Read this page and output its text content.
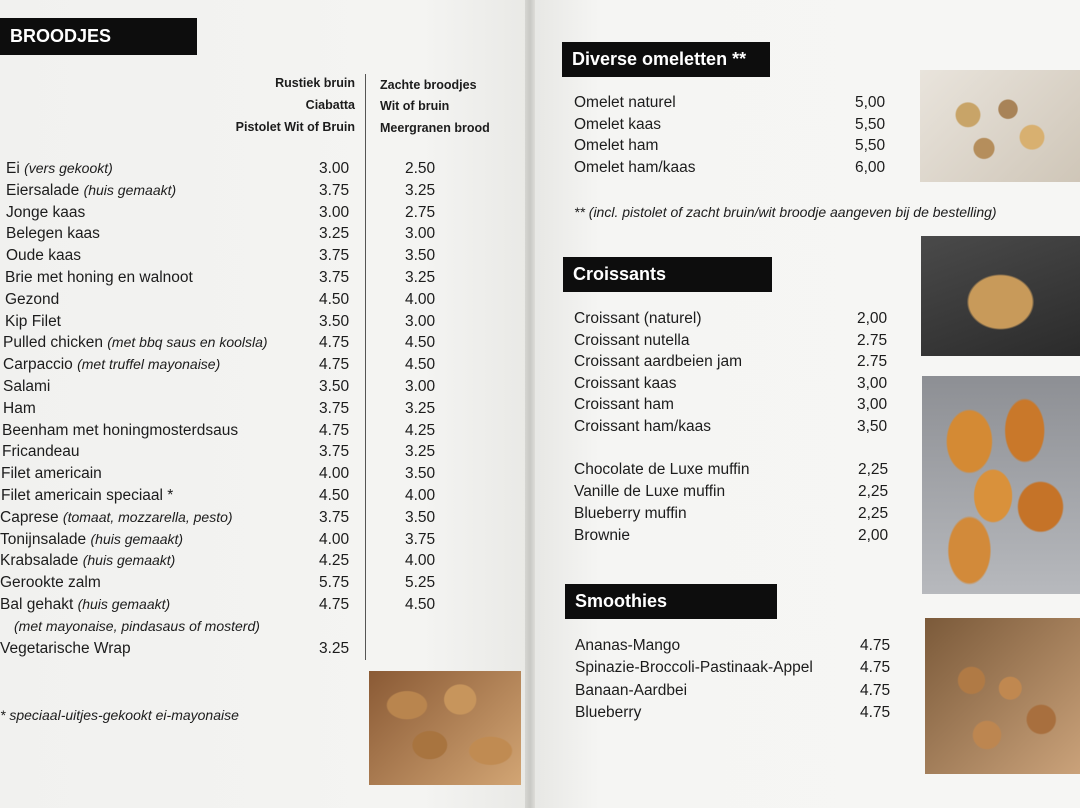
BROODJES
Rustiek bruin
Ciabatta
Pistolet Wit of Bruin
Zachte broodjes
Wit of bruin
Meergranen brood
Ei (vers gekookt)	3.00	2.50
Eiersalade (huis gemaakt)	3.75	3.25
Jonge kaas	3.00	2.75
Belegen kaas	3.25	3.00
Oude kaas	3.75	3.50
Brie met honing en walnoot	3.75	3.25
Gezond	4.50	4.00
Kip Filet	3.50	3.00
Pulled chicken (met bbq saus en koolsla)	4.75	4.50
Carpaccio (met truffel mayonaise)	4.75	4.50
Salami	3.50	3.00
Ham	3.75	3.25
Beenham met honingmosterdsaus	4.75	4.25
Fricandeau	3.75	3.25
Filet americain	4.00	3.50
Filet americain speciaal *	4.50	4.00
Caprese (tomaat, mozzarella, pesto)	3.75	3.50
Tonijnsalade (huis gemaakt)	4.00	3.75
Krabsalade (huis gemaakt)	4.25	4.00
Gerookte zalm	5.75	5.25
Bal gehakt (huis gemaakt)	4.75	4.50
(met mayonaise, pindasaus of mosterd)
Vegetarische Wrap	3.25
* speciaal-uitjes-gekookt ei-mayonaise
Diverse omeletten **
Omelet naturel	5,00
Omelet kaas	5,50
Omelet ham	5,50
Omelet ham/kaas	6,00
** (incl. pistolet of zacht bruin/wit broodje aangeven bij de bestelling)
Croissants
Croissant (naturel)	2,00
Croissant nutella	2.75
Croissant aardbeien jam	2.75
Croissant kaas	3,00
Croissant ham	3,00
Croissant ham/kaas	3,50
Chocolate de Luxe muffin	2,25
Vanille de Luxe muffin	2,25
Blueberry muffin	2,25
Brownie	2,00
Smoothies
Ananas-Mango	4.75
Spinazie-Broccoli-Pastinaak-Appel	4.75
Banaan-Aardbei	4.75
Blueberry	4.75
